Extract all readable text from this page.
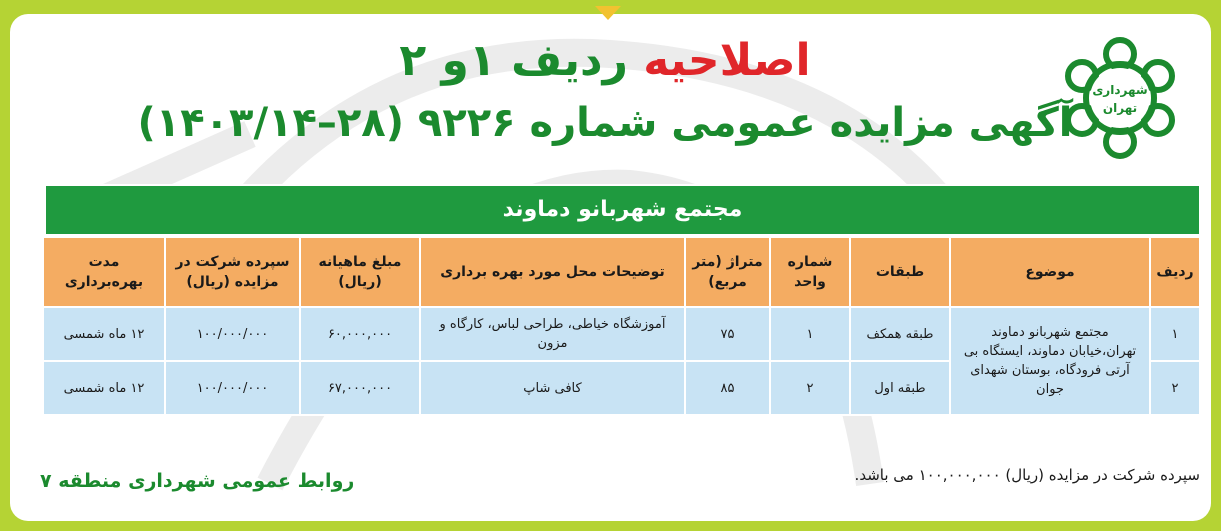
اصلاحیه ردیف ۱و ۲
آگهی مزایده عمومی شماره ۹۲۲۶ (۲۸–۱۴۰۳/۱۴)
شهرداری
تهران
مجتمع شهربانو دماوند
ردیف	موضوع	طبقات	شماره واحد	متراژ (متر مربع)	توضیحات محل مورد بهره برداری	مبلغ ماهیانه (ریال)	سپرده شرکت در مزایده (ریال)	مدت بهره‌برداری
۱	مجتمع شهربانو دماوند تهران،خیابان دماوند، ایستگاه بی آرتی فرودگاه، بوستان شهدای جوان	طبقه همکف	۱	۷۵	آموزشگاه خیاطی، طراحی لباس، کارگاه و مزون	۶۰,۰۰۰,۰۰۰	۱۰۰/۰۰۰/۰۰۰	۱۲ ماه شمسی
۲		طبقه اول	۲	۸۵	کافی شاپ	۶۷,۰۰۰,۰۰۰	۱۰۰/۰۰۰/۰۰۰	۱۲ ماه شمسی
سپرده شرکت در مزایده (ریال) ۱۰۰,۰۰۰,۰۰۰ می باشد.
روابط عمومی شهرداری منطقه ۷
